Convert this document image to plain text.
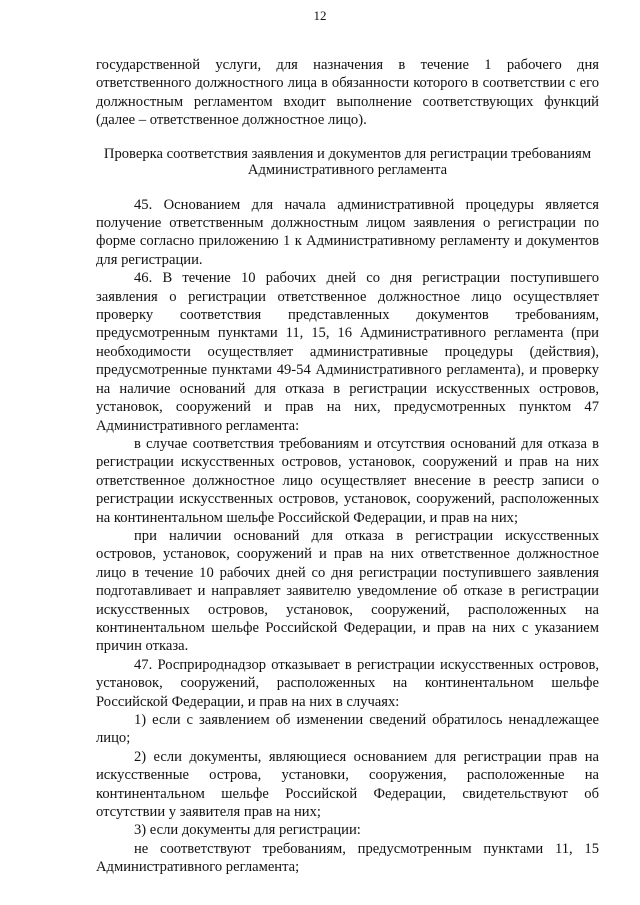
12

государственной услуги, для назначения в течение 1 рабочего дня ответственного должностного лица в обязанности которого в соответствии с его должностным регламентом входит выполнение соответствующих функций (далее – ответственное должностное лицо).

Проверка соответствия заявления и документов для регистрации требованиям Административного регламента

45. Основанием для начала административной процедуры является получение ответственным должностным лицом заявления о регистрации по форме согласно приложению 1 к Административному регламенту и документов для регистрации.

46. В течение 10 рабочих дней со дня регистрации поступившего заявления о регистрации ответственное должностное лицо осуществляет проверку соответствия представленных документов требованиям, предусмотренным пунктами 11, 15, 16 Административного регламента (при необходимости осуществляет административные процедуры (действия), предусмотренные пунктами 49-54 Административного регламента), и проверку на наличие оснований для отказа в регистрации искусственных островов, установок, сооружений и прав на них, предусмотренных пунктом 47 Административного регламента:

в случае соответствия требованиям и отсутствия оснований для отказа в регистрации искусственных островов, установок, сооружений и прав на них ответственное должностное лицо осуществляет внесение в реестр записи о регистрации искусственных островов, установок, сооружений, расположенных на континентальном шельфе Российской Федерации, и прав на них;

при наличии оснований для отказа в регистрации искусственных островов, установок, сооружений и прав на них ответственное должностное лицо в течение 10 рабочих дней со дня регистрации поступившего заявления подготавливает и направляет заявителю уведомление об отказе в регистрации искусственных островов, установок, сооружений, расположенных на континентальном шельфе Российской Федерации, и прав на них с указанием причин отказа.

47. Росприроднадзор отказывает в регистрации искусственных островов, установок, сооружений, расположенных на континентальном шельфе Российской Федерации, и прав на них в случаях:

1) если с заявлением об изменении сведений обратилось ненадлежащее лицо;

2) если документы, являющиеся основанием для регистрации прав на искусственные острова, установки, сооружения, расположенные на континентальном шельфе Российской Федерации, свидетельствуют об отсутствии у заявителя прав на них;

3) если документы для регистрации:

не соответствуют требованиям, предусмотренным пунктами 11, 15 Административного регламента;
